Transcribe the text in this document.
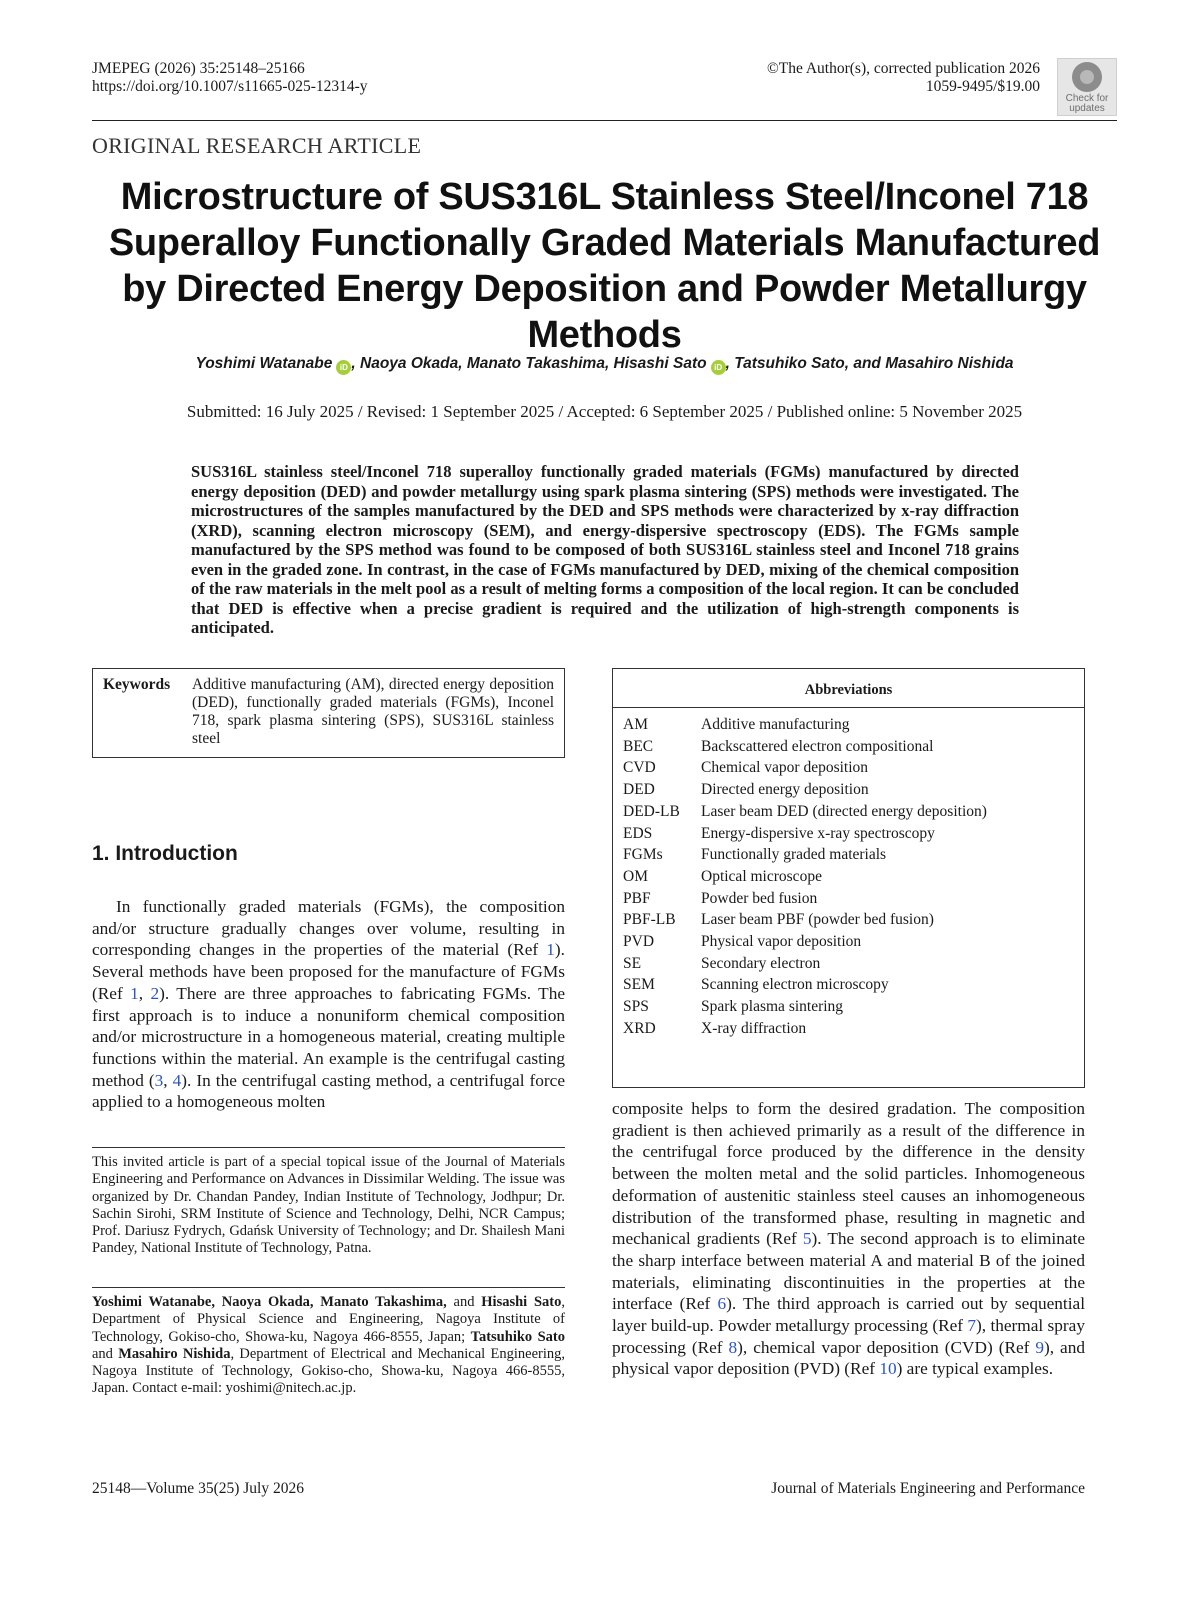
JMEPEG (2026) 35:25148–25166
https://doi.org/10.1007/s11665-025-12314-y
©The Author(s), corrected publication 2026
1059-9495/$19.00
Check for
updates
ORIGINAL RESEARCH ARTICLE
Microstructure of SUS316L Stainless Steel/Inconel 718 Superalloy Functionally Graded Materials Manufactured by Directed Energy Deposition and Powder Metallurgy Methods
Yoshimi Watanabe iD , Naoya Okada, Manato Takashima, Hisashi Sato iD , Tatsuhiko Sato, and Masahiro Nishida
Submitted: 16 July 2025 / Revised: 1 September 2025 / Accepted: 6 September 2025 / Published online: 5 November 2025

SUS316L stainless steel/Inconel 718 superalloy functionally graded materials (FGMs) manufactured by directed energy deposition (DED) and powder metallurgy using spark plasma sintering (SPS) methods were investigated. The microstructures of the samples manufactured by the DED and SPS methods were characterized by x-ray diffraction (XRD), scanning electron microscopy (SEM), and energy-dispersive spectroscopy (EDS). The FGMs sample manufactured by the SPS method was found to be composed of both SUS316L stainless steel and Inconel 718 grains even in the graded zone. In contrast, in the case of FGMs manufactured by DED, mixing of the chemical composition of the raw materials in the melt pool as a result of melting forms a composition of the local region. It can be concluded that DED is effective when a precise gradient is required and the utilization of high-strength components is anticipated.

Keywords	Additive manufacturing (AM), directed energy deposition (DED), functionally graded materials (FGMs), Inconel 718, spark plasma sintering (SPS), SUS316L stainless steel
Abbreviations
AM	Additive manufacturing
BEC	Backscattered electron compositional
CVD	Chemical vapor deposition
DED	Directed energy deposition
DED-LB	Laser beam DED (directed energy deposition)
EDS	Energy-dispersive x-ray spectroscopy
FGMs	Functionally graded materials
OM	Optical microscope
PBF	Powder bed fusion
PBF-LB	Laser beam PBF (powder bed fusion)
PVD	Physical vapor deposition
SE	Secondary electron
SEM	Scanning electron microscopy
SPS	Spark plasma sintering
XRD	X-ray diffraction
1. Introduction

In functionally graded materials (FGMs), the composition and/or structure gradually changes over volume, resulting in corresponding changes in the properties of the material (Ref 1). Several methods have been proposed for the manufacture of FGMs (Ref 1, 2). There are three approaches to fabricating FGMs. The first approach is to induce a nonuniform chemical composition and/or microstructure in a homogeneous material, creating multiple functions within the material. An example is the centrifugal casting method (3, 4). In the centrifugal casting method, a centrifugal force applied to a homogeneous molten	composite helps to form the desired gradation. The composition gradient is then achieved primarily as a result of the difference in the centrifugal force produced by the difference in the density between the molten metal and the solid particles. Inhomogeneous deformation of austenitic stainless steel causes an inhomogeneous distribution of the transformed phase, resulting in magnetic and mechanical gradients (Ref 5). The second approach is to eliminate the sharp interface between material A and material B of the joined materials, eliminating discontinuities in the properties at the interface (Ref 6). The third approach is carried out by sequential layer build-up. Powder metallurgy processing (Ref 7), thermal spray processing (Ref 8), chemical vapor deposition (CVD) (Ref 9), and physical vapor deposition (PVD) (Ref 10) are typical examples.

This invited article is part of a special topical issue of the Journal of Materials Engineering and Performance on Advances in Dissimilar Welding. The issue was organized by Dr. Chandan Pandey, Indian Institute of Technology, Jodhpur; Dr. Sachin Sirohi, SRM Institute of Science and Technology, Delhi, NCR Campus; Prof. Dariusz Fydrych, Gdańsk University of Technology; and Dr. Shailesh Mani Pandey, National Institute of Technology, Patna.

Yoshimi Watanabe, Naoya Okada, Manato Takashima, and Hisashi Sato, Department of Physical Science and Engineering, Nagoya Institute of Technology, Gokiso-cho, Showa-ku, Nagoya 466-8555, Japan; Tatsuhiko Sato and Masahiro Nishida, Department of Electrical and Mechanical Engineering, Nagoya Institute of Technology, Gokiso-cho, Showa-ku, Nagoya 466-8555, Japan. Contact e-mail: yoshimi@nitech.ac.jp.

25148—Volume 35(25) July 2026	Journal of Materials Engineering and Performance
